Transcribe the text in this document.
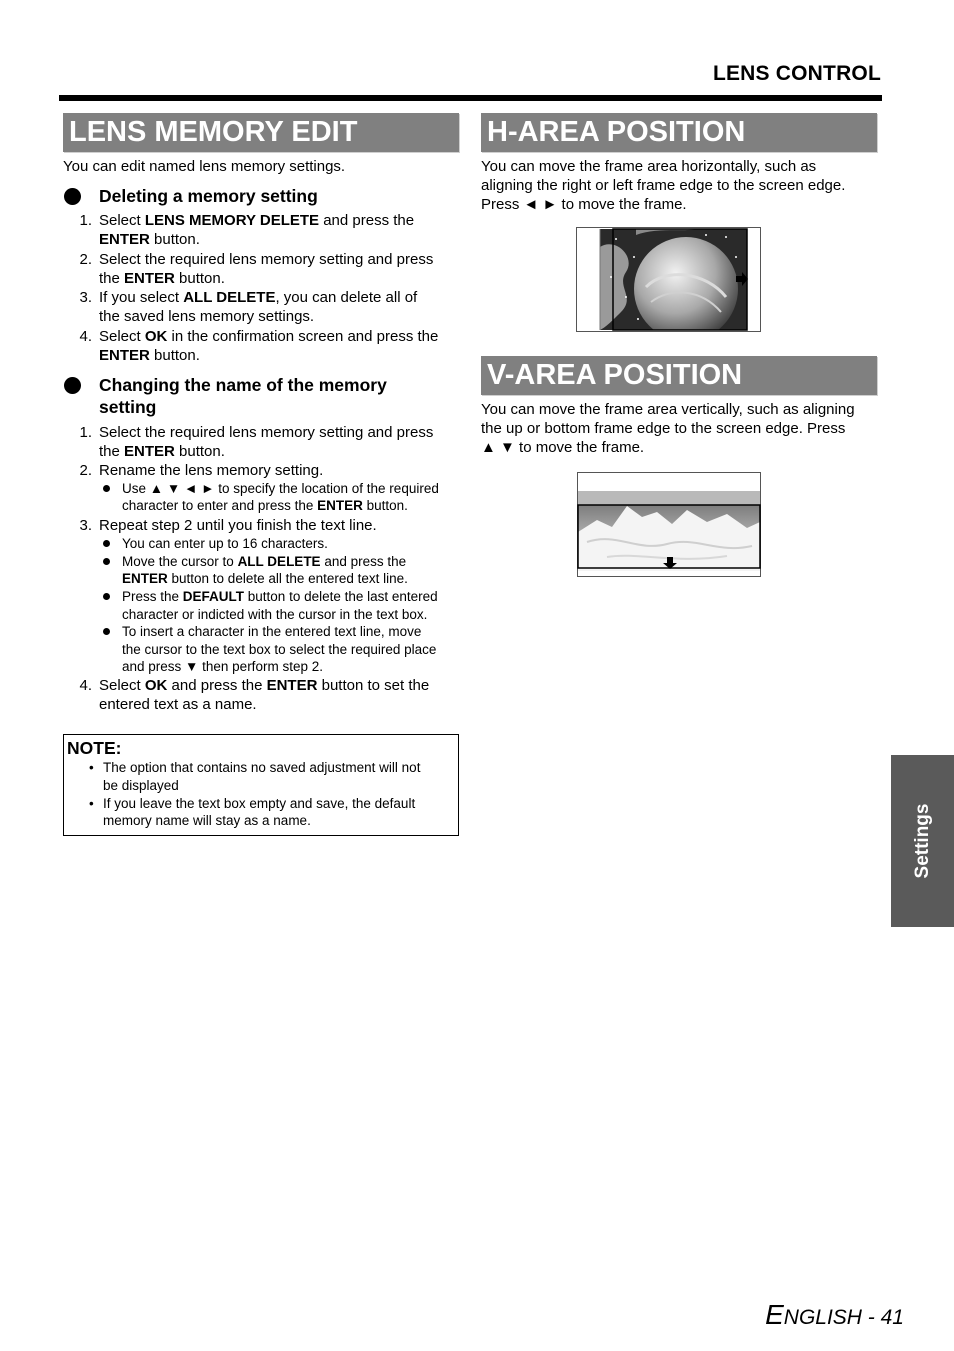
LENS CONTROL
LENS MEMORY EDIT
You can edit named lens memory settings.
Deleting a memory setting
1. Select LENS MEMORY DELETE and press the
ENTER button.
2. Select the required lens memory setting and press
the ENTER button.
3. If you select ALL DELETE, you can delete all of
the saved lens memory settings.
4. Select OK in the confirmation screen and press the
ENTER button.
Changing the name of the memory
setting
1. Select the required lens memory setting and press
the ENTER button.
2. Rename the lens memory setting.
Use ▲ ▼ ◄ ► to specify the location of the required
character to enter and press the ENTER button.
3. Repeat step 2 until you finish the text line.
You can enter up to 16 characters.
Move the cursor to ALL DELETE and press the
ENTER button to delete all the entered text line.
Press the DEFAULT button to delete the last entered
character or indicted with the cursor in the text box.
To insert a character in the entered text line, move
the cursor to the text box to select the required place
and press ▼ then perform step 2.
4. Select OK and press the ENTER button to set the
entered text as a name.
NOTE:
• The option that contains no saved adjustment will not
be displayed
• If you leave the text box empty and save, the default
memory name will stay as a name.
H-AREA POSITION
You can move the frame area horizontally, such as
aligning the right or left frame edge to the screen edge.
Press ◄ ► to move the frame.
V-AREA POSITION
You can move the frame area vertically, such as aligning
the up or bottom frame edge to the screen edge. Press
▲ ▼ to move the frame.
Settings
ENGLISH - 41
